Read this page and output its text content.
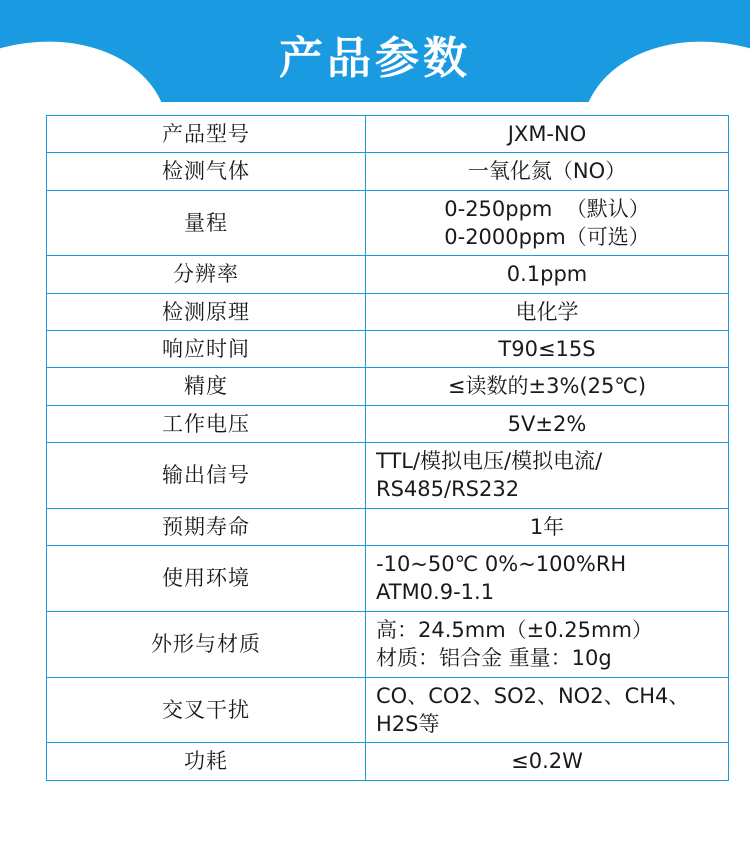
产品参数
产品型号	JXM-NO

检测气体	一氧化氮（NO）

量程	0-250ppm  （默认）
0-2000ppm（可选）

分辨率	0.1ppm

检测原理	电化学

响应时间	T90≤15S

精度	≤读数的±3%(25℃)

工作电压	5V±2%

输出信号	TTL/模拟电压/模拟电流/
RS485/RS232

预期寿命	1年

使用环境	-10~50℃ 0%~100%RH
ATM0.9-1.1

外形与材质	高：24.5mm（±0.25mm）
材质：铝合金 重量：10g

交叉干扰	CO、CO2、SO2、NO2、CH4、
H2S等

功耗	≤0.2W
